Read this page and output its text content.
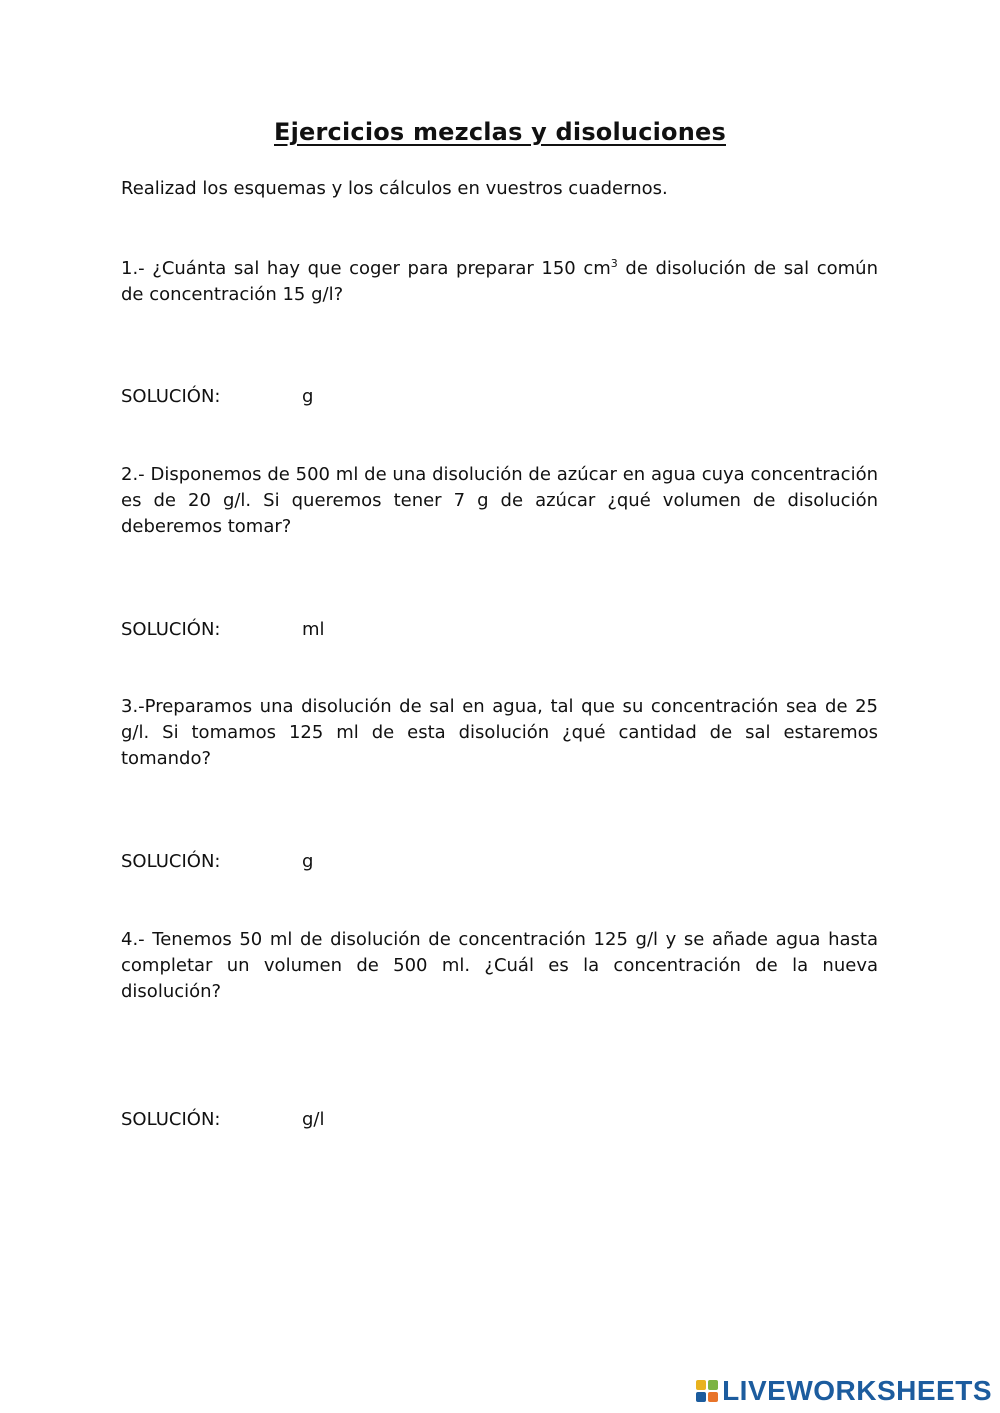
Ejercicios mezclas y disoluciones
Realizad los esquemas y los cálculos en vuestros cuadernos.
1.- ¿Cuánta sal hay que coger para preparar 150 $cm^3$ de disolución de sal común de concentración 15 g/l?
SOLUCIÓN:	g
2.- Disponemos de 500 ml de una disolución de azúcar en agua cuya concentración es de 20 g/l. Si queremos tener 7 g de azúcar ¿qué volumen de disolución deberemos tomar?
SOLUCIÓN:	ml
3.-Preparamos una disolución de sal en agua, tal que su concentración sea de 25 g/l. Si tomamos 125 ml de esta disolución ¿qué cantidad de sal estaremos tomando?
SOLUCIÓN:	g
4.- Tenemos 50 ml de disolución de concentración 125 g/l y se añade agua hasta completar un volumen de 500 ml. ¿Cuál es la concentración de la nueva disolución?
SOLUCIÓN:	g/l
LIVEWORKSHEETS
